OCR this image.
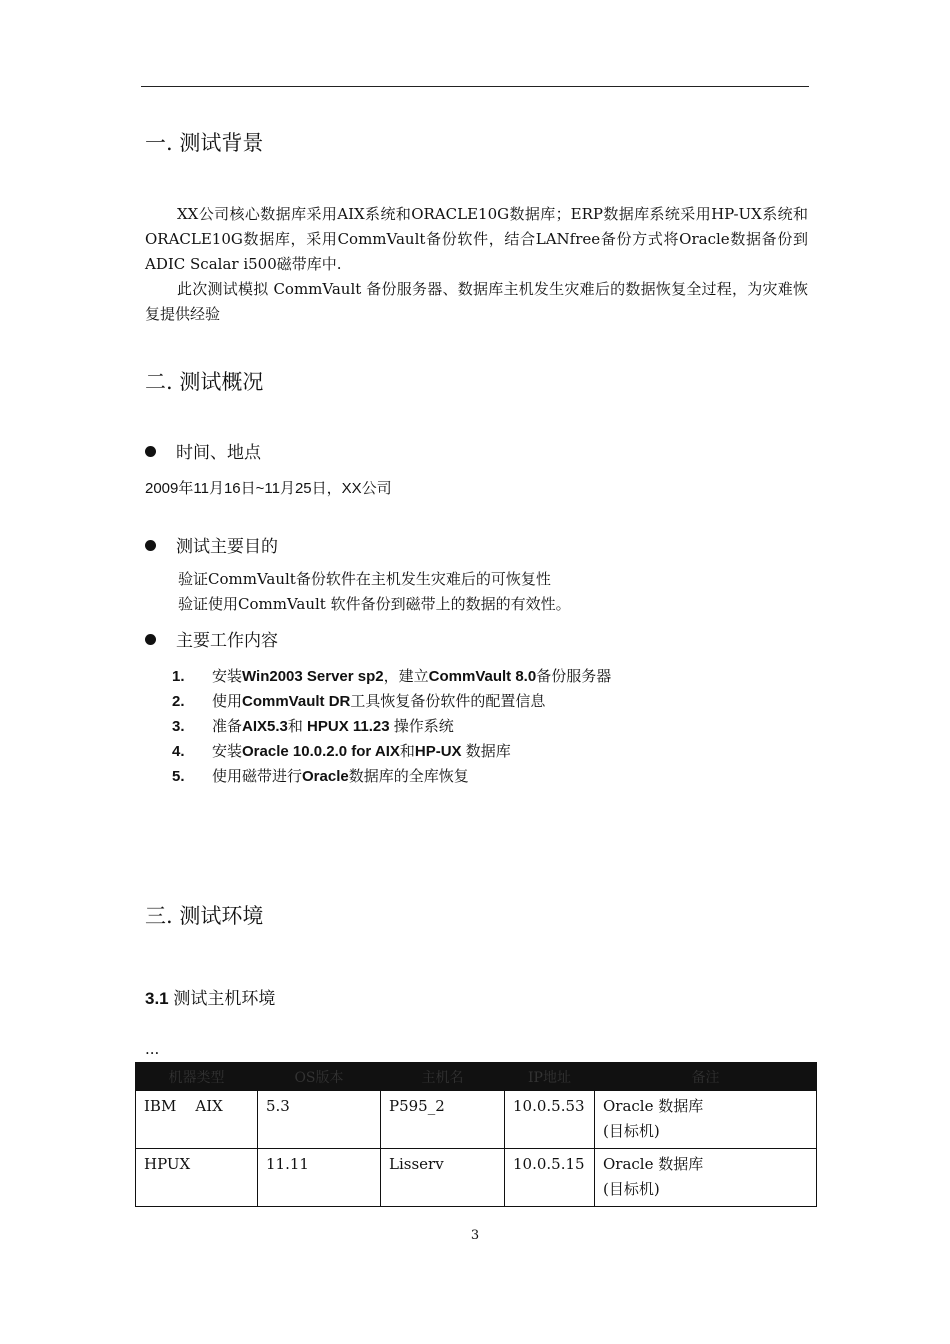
一. 测试背景

XX公司核心数据库采用AIX系统和ORACLE10G数据库；ERP数据库系统采用HP-UX系统和ORACLE10G数据库，采用CommVault备份软件，结合LANfree备份方式将Oracle数据备份到ADIC Scalar i500磁带库中.

此次测试模拟 CommVault 备份服务器、数据库主机发生灾难后的数据恢复全过程，为灾难恢复提供经验

二. 测试概况
时间、地点
2009年11月16日~11月25日，XX公司
测试主要目的
验证CommVault备份软件在主机发生灾难后的可恢复性
验证使用CommVault 软件备份到磁带上的数据的有效性。
主要工作内容
1. 安装Win2003 Server sp2，建立CommVault 8.0备份服务器
2. 使用CommVault DR工具恢复备份软件的配置信息
3. 准备AIX5.3和 HPUX 11.23 操作系统
4. 安装Oracle 10.0.2.0 for AIX和HP-UX 数据库
5. 使用磁带进行Oracle数据库的全库恢复
三. 测试环境
3.1 测试主机环境
...
机器类型	OS版本	主机名	IP地址	备注
IBM    AIX	5.3	P595_2	10.0.5.53	Oracle 数据库
(目标机)

HPUX	11.11	Lisserv	10.0.5.15	Oracle 数据库
(目标机)
3
